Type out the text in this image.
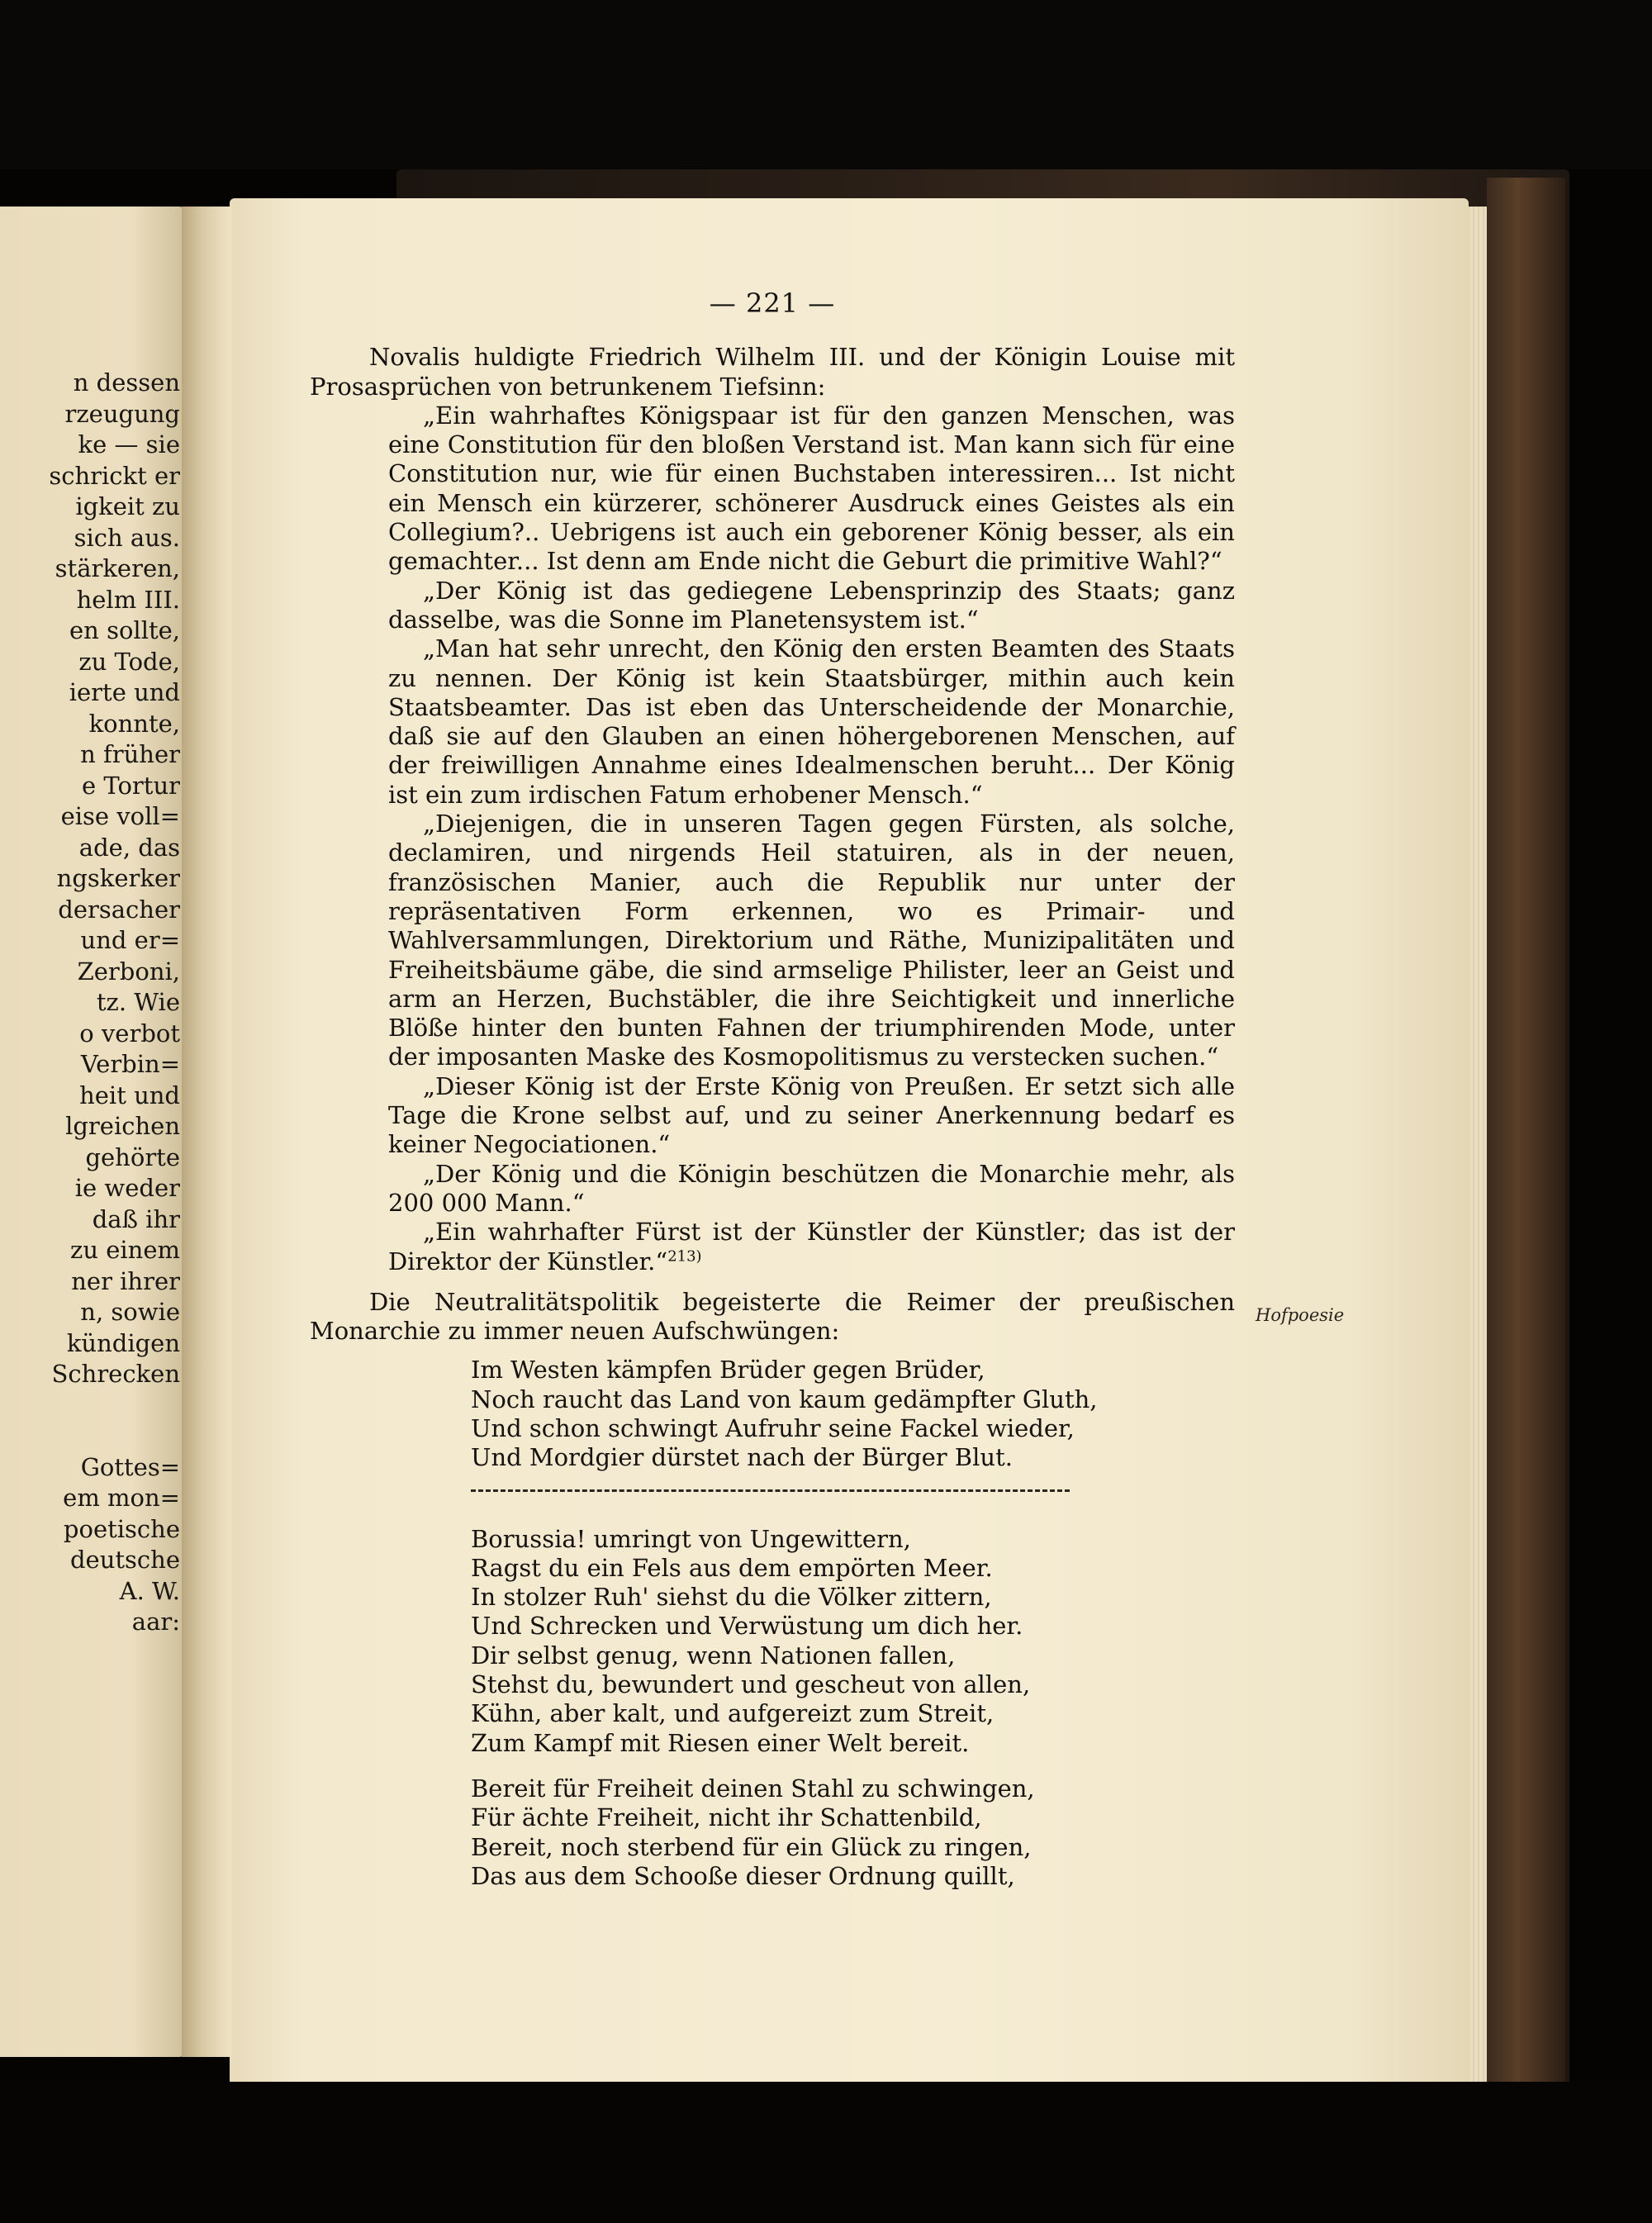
n dessen
rzeugung
ke — sie
schrickt er
igkeit zu
sich aus.
stärkeren,
helm III.
en sollte,
zu Tode,
ierte und
konnte,
n früher
e Tortur
eise voll=
ade, das
ngskerker
dersacher
und er=
Zerboni,
tz. Wie
o verbot
Verbin=
heit und
lgreichen
gehörte
ie weder
daß ihr
zu einem
ner ihrer
n, sowie
kündigen
Schrecken
Gottes=
em mon=
poetische
deutsche
A. W.
aar:
— 221 —

Novalis huldigte Friedrich Wilhelm III. und der Königin Louise mit Prosasprüchen von betrunkenem Tiefsinn:

„Ein wahrhaftes Königspaar ist für den ganzen Menschen, was eine Constitution für den bloßen Verstand ist. Man kann sich für eine Constitution nur, wie für einen Buchstaben interessiren... Ist nicht ein Mensch ein kürzerer, schönerer Ausdruck eines Geistes als ein Collegium?.. Uebrigens ist auch ein geborener König besser, als ein gemachter... Ist denn am Ende nicht die Geburt die primitive Wahl?“

„Der König ist das gediegene Lebensprinzip des Staats; ganz dasselbe, was die Sonne im Planetensystem ist.“

„Man hat sehr unrecht, den König den ersten Beamten des Staats zu nennen. Der König ist kein Staatsbürger, mithin auch kein Staatsbeamter. Das ist eben das Unterscheidende der Monarchie, daß sie auf den Glauben an einen höhergeborenen Menschen, auf der freiwilligen Annahme eines Idealmenschen beruht... Der König ist ein zum irdischen Fatum erhobener Mensch.“

„Diejenigen, die in unseren Tagen gegen Fürsten, als solche, declamiren, und nirgends Heil statuiren, als in der neuen, französischen Manier, auch die Republik nur unter der repräsentativen Form erkennen, wo es Primair- und Wahlversammlungen, Direktorium und Räthe, Munizipalitäten und Freiheitsbäume gäbe, die sind armselige Philister, leer an Geist und arm an Herzen, Buchstäbler, die ihre Seichtigkeit und innerliche Blöße hinter den bunten Fahnen der triumphirenden Mode, unter der imposanten Maske des Kosmopolitismus zu verstecken suchen.“

„Dieser König ist der Erste König von Preußen. Er setzt sich alle Tage die Krone selbst auf, und zu seiner Anerkennung bedarf es keiner Negociationen.“

„Der König und die Königin beschützen die Monarchie mehr, als 200 000 Mann.“

„Ein wahrhafter Fürst ist der Künstler der Künstler; das ist der Direktor der Künstler.“$^{213)}$

Die Neutralitätspolitik begeisterte die Reimer der preußischen Monarchie zu immer neuen Aufschwüngen:

Im Westen kämpfen Brüder gegen Brüder,
Noch raucht das Land von kaum gedämpfter Gluth,
Und schon schwingt Aufruhr seine Fackel wieder,
Und Mordgier dürstet nach der Bürger Blut.
Borussia! umringt von Ungewittern,
Ragst du ein Fels aus dem empörten Meer.
In stolzer Ruh' siehst du die Völker zittern,
Und Schrecken und Verwüstung um dich her.
Dir selbst genug, wenn Nationen fallen,
Stehst du, bewundert und gescheut von allen,
Kühn, aber kalt, und aufgereizt zum Streit,
Zum Kampf mit Riesen einer Welt bereit.
Bereit für Freiheit deinen Stahl zu schwingen,
Für ächte Freiheit, nicht ihr Schattenbild,
Bereit, noch sterbend für ein Glück zu ringen,
Das aus dem Schooße dieser Ordnung quillt,
Hofpoesie
